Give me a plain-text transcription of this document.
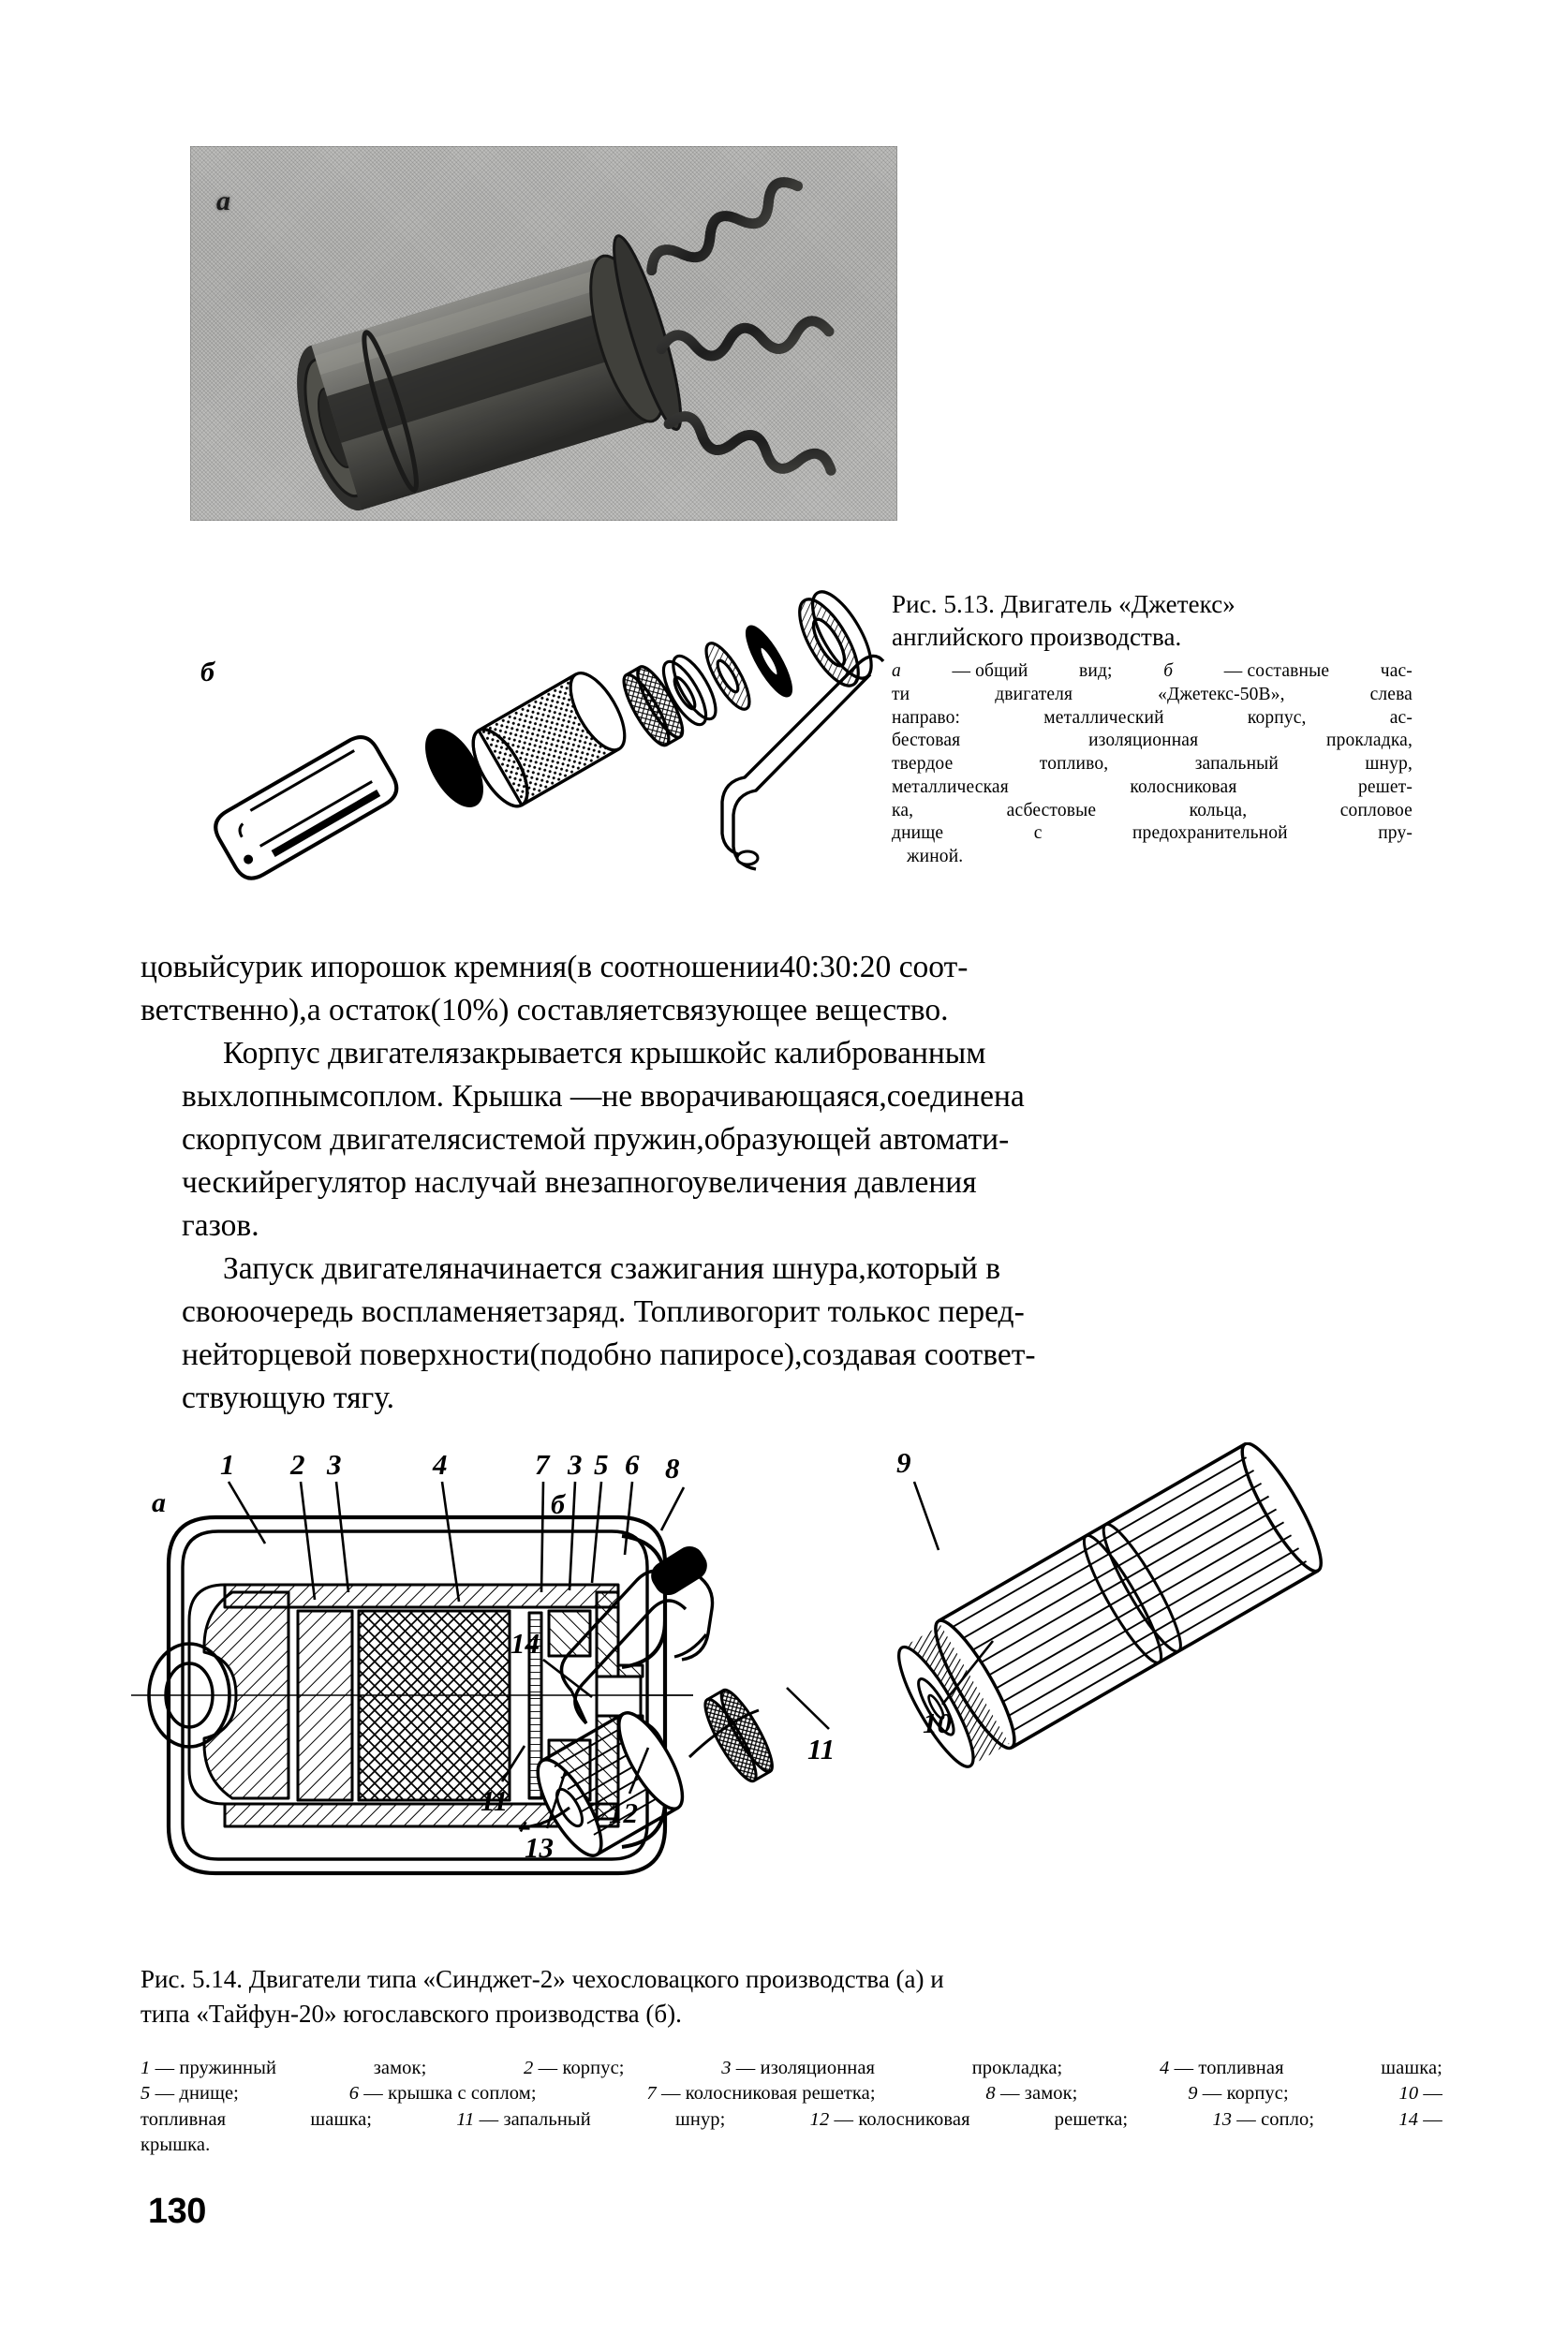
а
б
Рис. 5.13. Двигатель «Джетекс»
английского производства.
а	— общий	вид;	б	— составные	час-
ти	двигателя	«Джетекс-50В»,	слева
направо:	металлический	корпус,	ас-
бестовая	изоляционная	прокладка,
твердое	топливо,	запальный	шнур,
металлическая	колосниковая	решет-
ка,	асбестовые	кольца,	сопловое
днище	с	предохранительной	пру-
жиной.

цовыйсурик ипорошок кремния(в соотношении40:30:20 соот-
ветственно),а остаток(10%) составляетсвязующее вещество.

Корпус двигателязакрывается крышкойс калиброванным
выхлопнымсоплом. Крышка —не вворачивающаяся,соединена
скорпусом двигателясистемой пружин,образующей автомати-
ческийрегулятор наслучай внезапногоувеличения давления
газов.

Запуск двигателяначинается сзажигания шнура,который в
своюочередь воспламеняетзаряд. Топливогорит толькос перед-
нейторцевой поверхности(подобно папиросе),создавая соответ-
ствующую тягу.

1 2 3	4	7 3 5 6
а	б
8	9
14
10
11
11	12
13
Рис. 5.14. Двигатели типа «Синджет-2» чехословацкого производства (а) и
типа «Тайфун-20» югославского производства (б).
1 — пружинный	замок;	2 — корпус;	3 — изоляционная	прокладка;	4 — топливная	шашка;
5 — днище;	6 — крышка с соплом;	7 — колосниковая решетка;	8 — замок;	9 — корпус;	10 —
топливная	шашка;	11 — запальный	шнур;	12 — колосниковая	решетка;	13 — сопло;	14 —
крышка.
130
